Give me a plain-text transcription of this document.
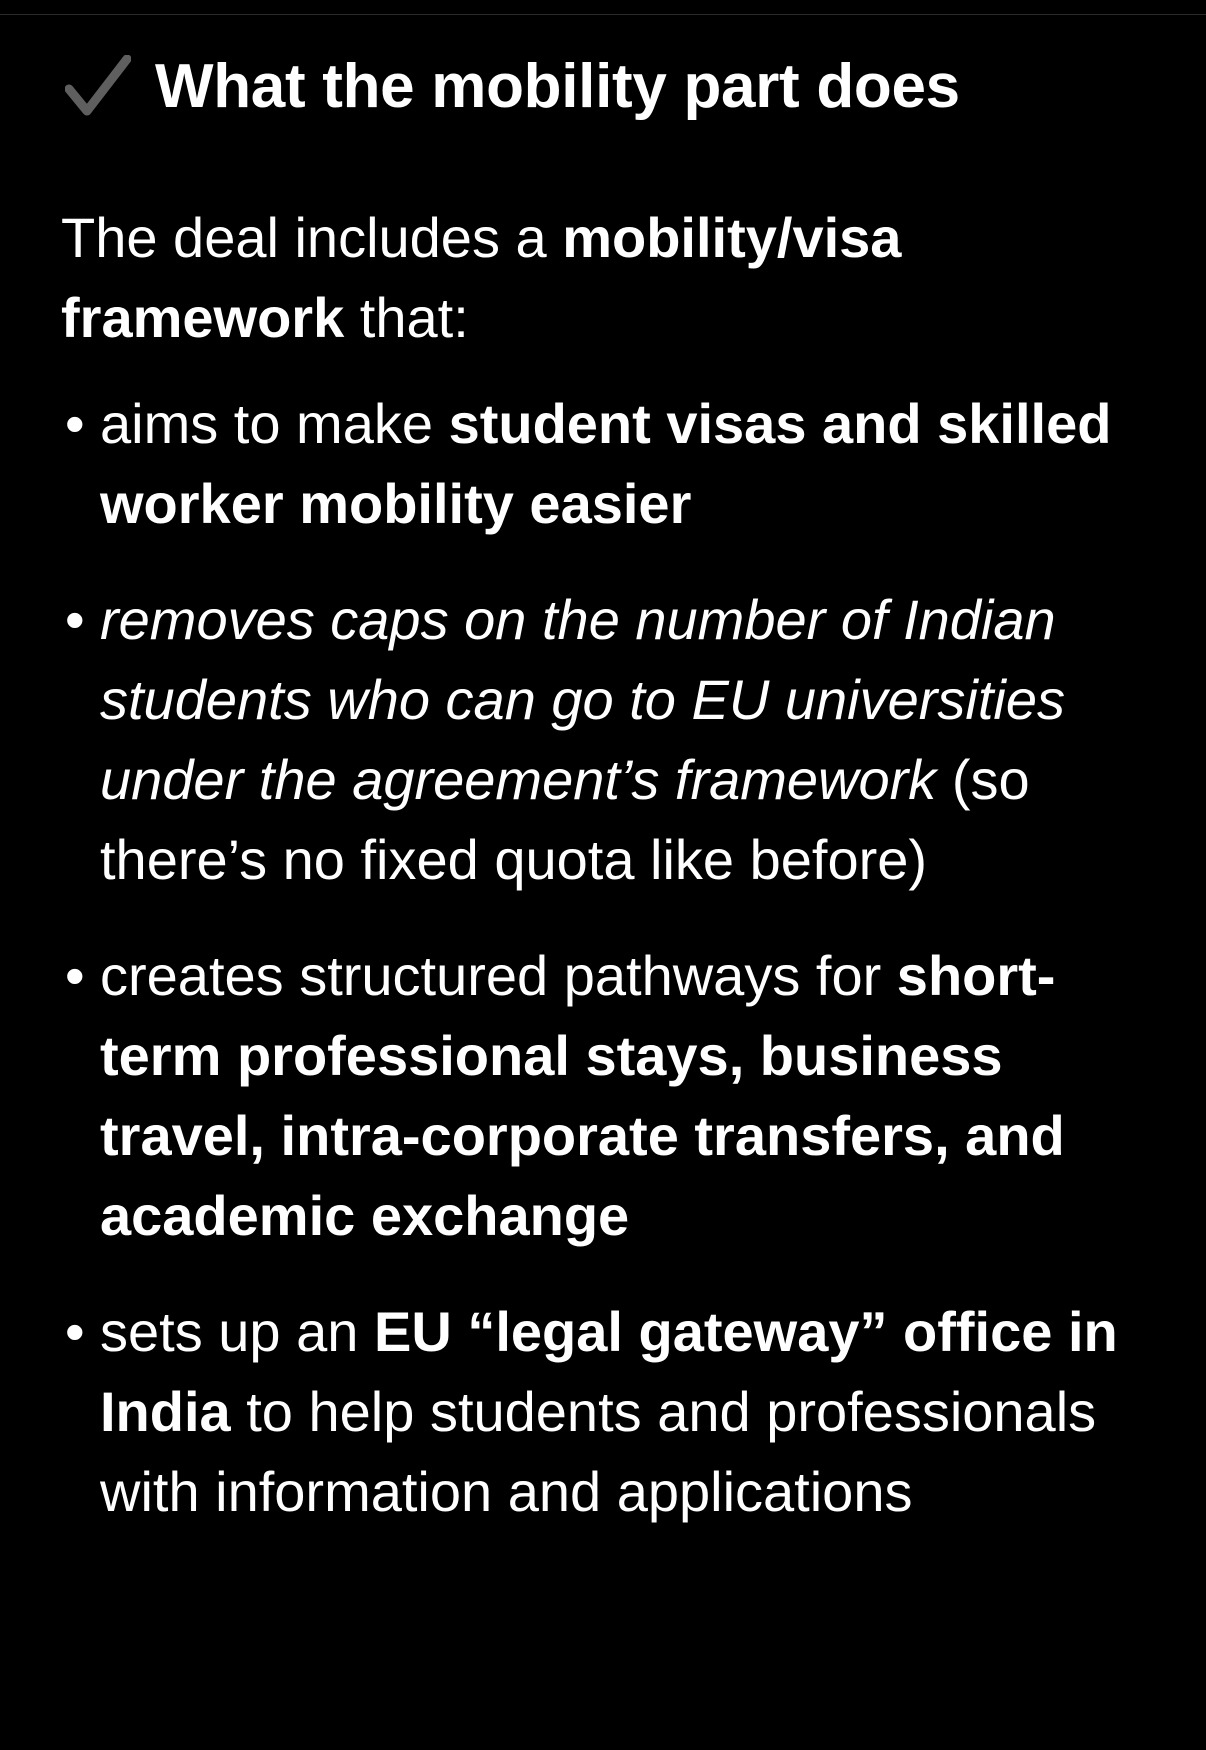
What the mobility part does

The deal includes a mobility/visa framework that:

• aims to make student visas and skilled worker mobility easier
• removes caps on the number of Indian students who can go to EU universities under the agreement’s framework (so there’s no fixed quota like before)
• creates structured pathways for short-term professional stays, business travel, intra-corporate transfers, and academic exchange
• sets up an EU “legal gateway” office in India to help students and professionals with information and applications
